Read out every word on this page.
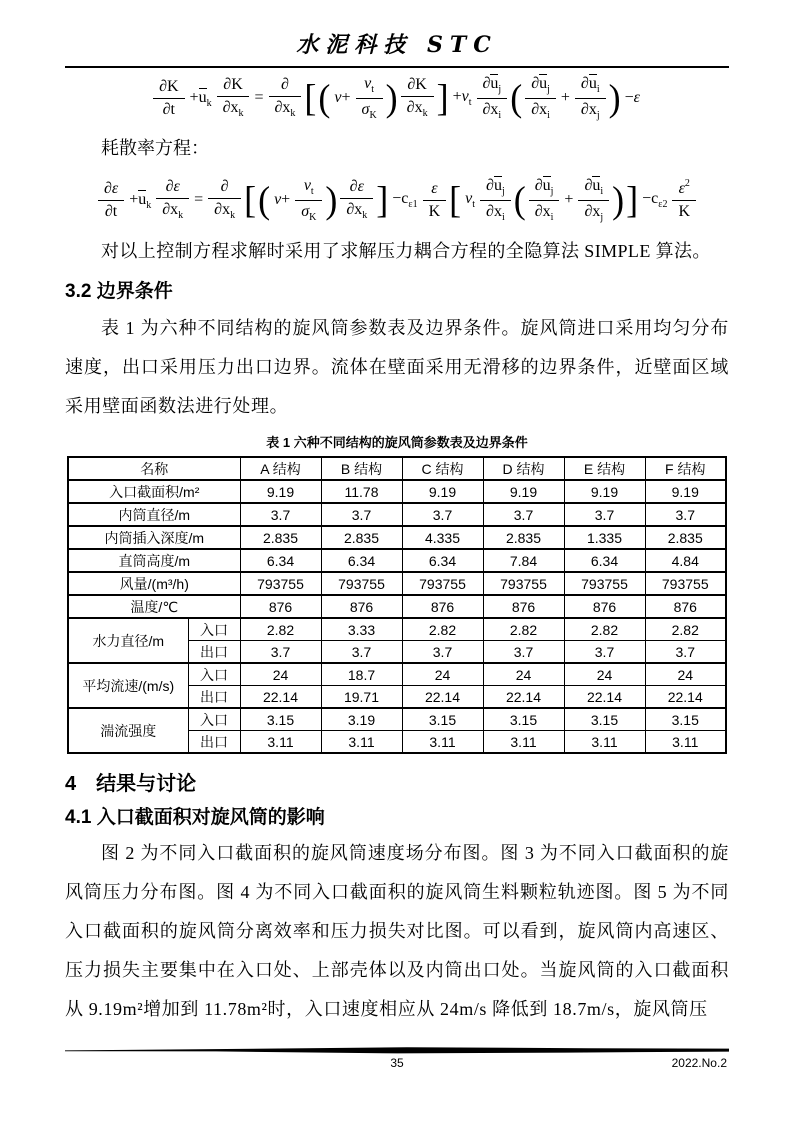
水泥科技 STC
$\frac{\partial K}{\partial t} +u_k \frac{\partial K}{\partial x_k} = \frac{\partial}{\partial x_k}$ [ ( $\nu+ \frac{\nu_t}{\sigma_K}$ ) $\frac{\partial K}{\partial x_k}$ ] $+\nu_t \frac{\partial u_j}{\partial x_i}$ ( $\frac{\partial u_j}{\partial x_i} + \frac{\partial u_i}{\partial x_j}$ ) −ε

耗散率方程：

$\frac{\partial\varepsilon}{\partial t} +u_k \frac{\partial\varepsilon}{\partial x_k} = \frac{\partial}{\partial x_k}$ [ ( $\nu+ \frac{\nu_t}{\sigma_K}$ ) $\frac{\partial\varepsilon}{\partial x_k}$ ] $-c_{\varepsilon 1} \frac{\varepsilon}{K}$ [ $\nu_t \frac{\partial u_j}{\partial x_i}$ ( $\frac{\partial u_j}{\partial x_i} + \frac{\partial u_i}{\partial x_j}$ ) ] $-c_{\varepsilon 2} \frac{\varepsilon^2}{K}$

对以上控制方程求解时采用了求解压力耦合方程的全隐算法 SIMPLE 算法。

3.2 边界条件

表 1 为六种不同结构的旋风筒参数表及边界条件。旋风筒进口采用均匀分布速度，出口采用压力出口边界。流体在壁面采用无滑移的边界条件，近壁面区域采用壁面函数法进行处理。

表 1 六种不同结构的旋风筒参数表及边界条件
名称		A 结构	B 结构	C 结构	D 结构	E 结构	F 结构
入口截面积/m²		9.19	11.78	9.19	9.19	9.19	9.19
内筒直径/m		3.7	3.7	3.7	3.7	3.7	3.7
内筒插入深度/m		2.835	2.835	4.335	2.835	1.335	2.835
直筒高度/m		6.34	6.34	6.34	7.84	6.34	4.84
风量/(m³/h)		793755	793755	793755	793755	793755	793755
温度/℃		876	876	876	876	876	876
水力直径/m	入口	2.82	3.33	2.82	2.82	2.82	2.82
	出口	3.7	3.7	3.7	3.7	3.7	3.7
平均流速/(m/s)	入口	24	18.7	24	24	24	24
	出口	22.14	19.71	22.14	22.14	22.14	22.14
湍流强度	入口	3.15	3.19	3.15	3.15	3.15	3.15
	出口	3.11	3.11	3.11	3.11	3.11	3.11
4　结果与讨论
4.1 入口截面积对旋风筒的影响

图 2 为不同入口截面积的旋风筒速度场分布图。图 3 为不同入口截面积的旋风筒压力分布图。图 4 为不同入口截面积的旋风筒生料颗粒轨迹图。图 5 为不同入口截面积的旋风筒分离效率和压力损失对比图。可以看到，旋风筒内高速区、压力损失主要集中在入口处、上部壳体以及内筒出口处。当旋风筒的入口截面积从 9.19m²增加到 11.78m²时，入口速度相应从 24m/s 降低到 18.7m/s，旋风筒压

35	2022.No.2
